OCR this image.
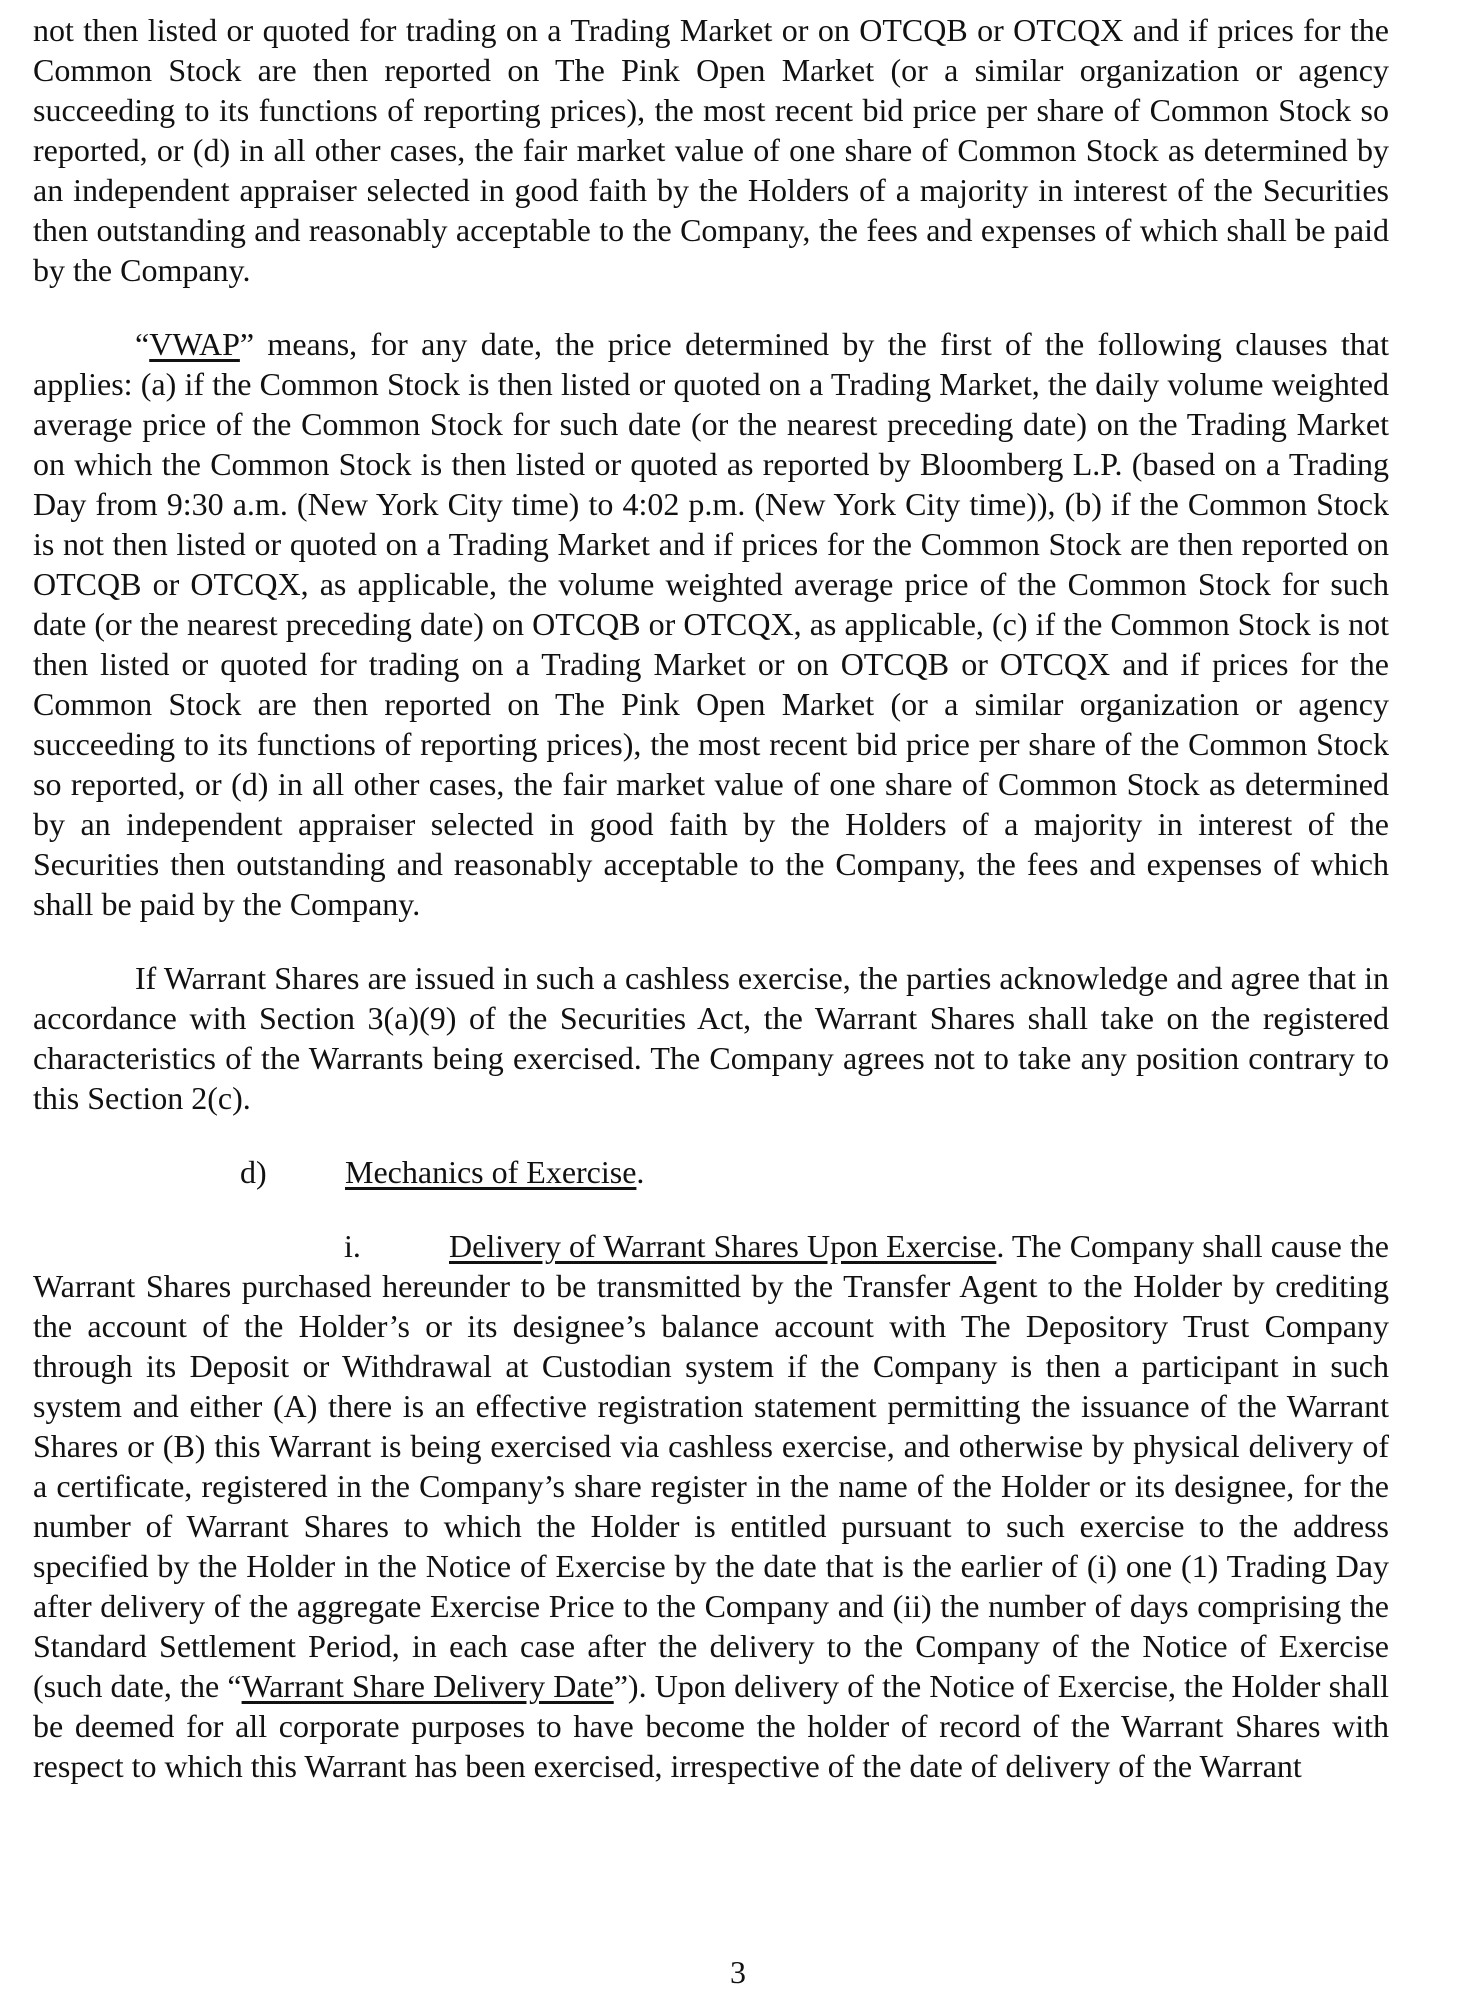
not then listed or quoted for trading on a Trading Market or on OTCQB or OTCQX and if prices for the Common Stock are then reported on The Pink Open Market (or a similar organization or agency succeeding to its functions of reporting prices), the most recent bid price per share of Common Stock so reported, or (d) in all other cases, the fair market value of one share of Common Stock as determined by an independent appraiser selected in good faith by the Holders of a majority in interest of the Securities then outstanding and reasonably acceptable to the Company, the fees and expenses of which shall be paid by the Company.

“VWAP” means, for any date, the price determined by the first of the following clauses that applies: (a) if the Common Stock is then listed or quoted on a Trading Market, the daily volume weighted average price of the Common Stock for such date (or the nearest preceding date) on the Trading Market on which the Common Stock is then listed or quoted as reported by Bloomberg L.P. (based on a Trading Day from 9:30 a.m. (New York City time) to 4:02 p.m. (New York City time)), (b) if the Common Stock is not then listed or quoted on a Trading Market and if prices for the Common Stock are then reported on OTCQB or OTCQX, as applicable, the volume weighted average price of the Common Stock for such date (or the nearest preceding date) on OTCQB or OTCQX, as applicable, (c) if the Common Stock is not then listed or quoted for trading on a Trading Market or on OTCQB or OTCQX and if prices for the Common Stock are then reported on The Pink Open Market (or a similar organization or agency succeeding to its functions of reporting prices), the most recent bid price per share of the Common Stock so reported, or (d) in all other cases, the fair market value of one share of Common Stock as determined by an independent appraiser selected in good faith by the Holders of a majority in interest of the Securities then outstanding and reasonably acceptable to the Company, the fees and expenses of which shall be paid by the Company.

If Warrant Shares are issued in such a cashless exercise, the parties acknowledge and agree that in accordance with Section 3(a)(9) of the Securities Act, the Warrant Shares shall take on the registered characteristics of the Warrants being exercised. The Company agrees not to take any position contrary to this Section 2(c).

d) Mechanics of Exercise.

i.	Delivery of Warrant Shares Upon Exercise. The Company shall cause the Warrant Shares purchased hereunder to be transmitted by the Transfer Agent to the Holder by crediting the account of the Holder’s or its designee’s balance account with The Depository Trust Company through its Deposit or Withdrawal at Custodian system if the Company is then a participant in such system and either (A) there is an effective registration statement permitting the issuance of the Warrant Shares or (B) this Warrant is being exercised via cashless exercise, and otherwise by physical delivery of a certificate, registered in the Company’s share register in the name of the Holder or its designee, for the number of Warrant Shares to which the Holder is entitled pursuant to such exercise to the address specified by the Holder in the Notice of Exercise by the date that is the earlier of (i) one (1) Trading Day after delivery of the aggregate Exercise Price to the Company and (ii) the number of days comprising the Standard Settlement Period, in each case after the delivery to the Company of the Notice of Exercise (such date, the “Warrant Share Delivery Date”). Upon delivery of the Notice of Exercise, the Holder shall be deemed for all corporate purposes to have become the holder of record of the Warrant Shares with respect to which this Warrant has been exercised, irrespective of the date of delivery of the Warrant

3
